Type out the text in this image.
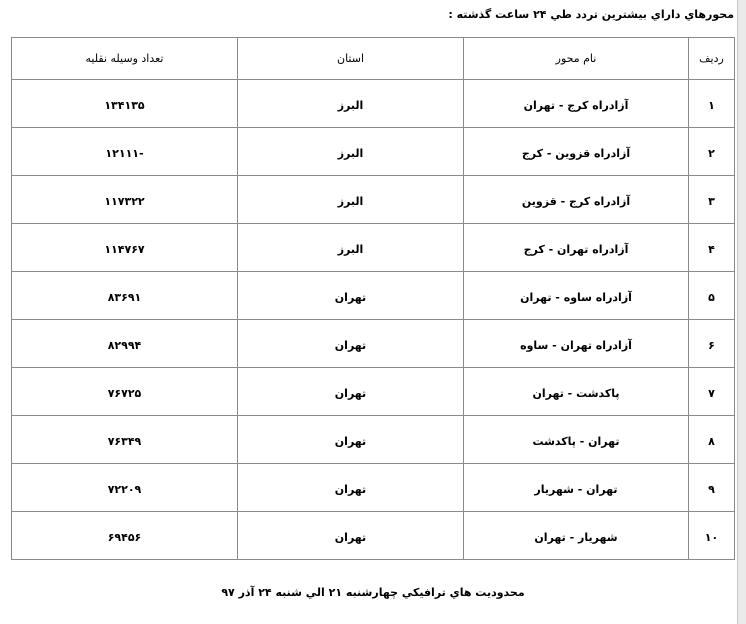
محورهاي داراي بيشترين تردد طي ۲۴ ساعت گذشته :
رديف	نام محور	استان	تعداد وسيله نقليه
۱	آزادراه کرج - تهران	البرز	۱۳۴۱۳۵
۲	آزادراه قزوين - کرج	البرز	-۱۲۱۱۱
۳	آزادراه کرج - قزوين	البرز	۱۱۷۳۲۲
۴	آزادراه تهران - کرج	البرز	۱۱۴۷۶۷
۵	آزادراه ساوه - تهران	تهران	۸۳۶۹۱
۶	آزادراه تهران - ساوه	تهران	۸۲۹۹۴
۷	پاکدشت - تهران	تهران	۷۶۷۲۵
۸	تهران - پاکدشت	تهران	۷۶۳۴۹
۹	تهران - شهريار	تهران	۷۲۲۰۹
۱۰	شهريار - تهران	تهران	۶۹۴۵۶
محدوديت هاي ترافيکي چهارشنبه ۲۱ الي شنبه ۲۴ آذر ۹۷
